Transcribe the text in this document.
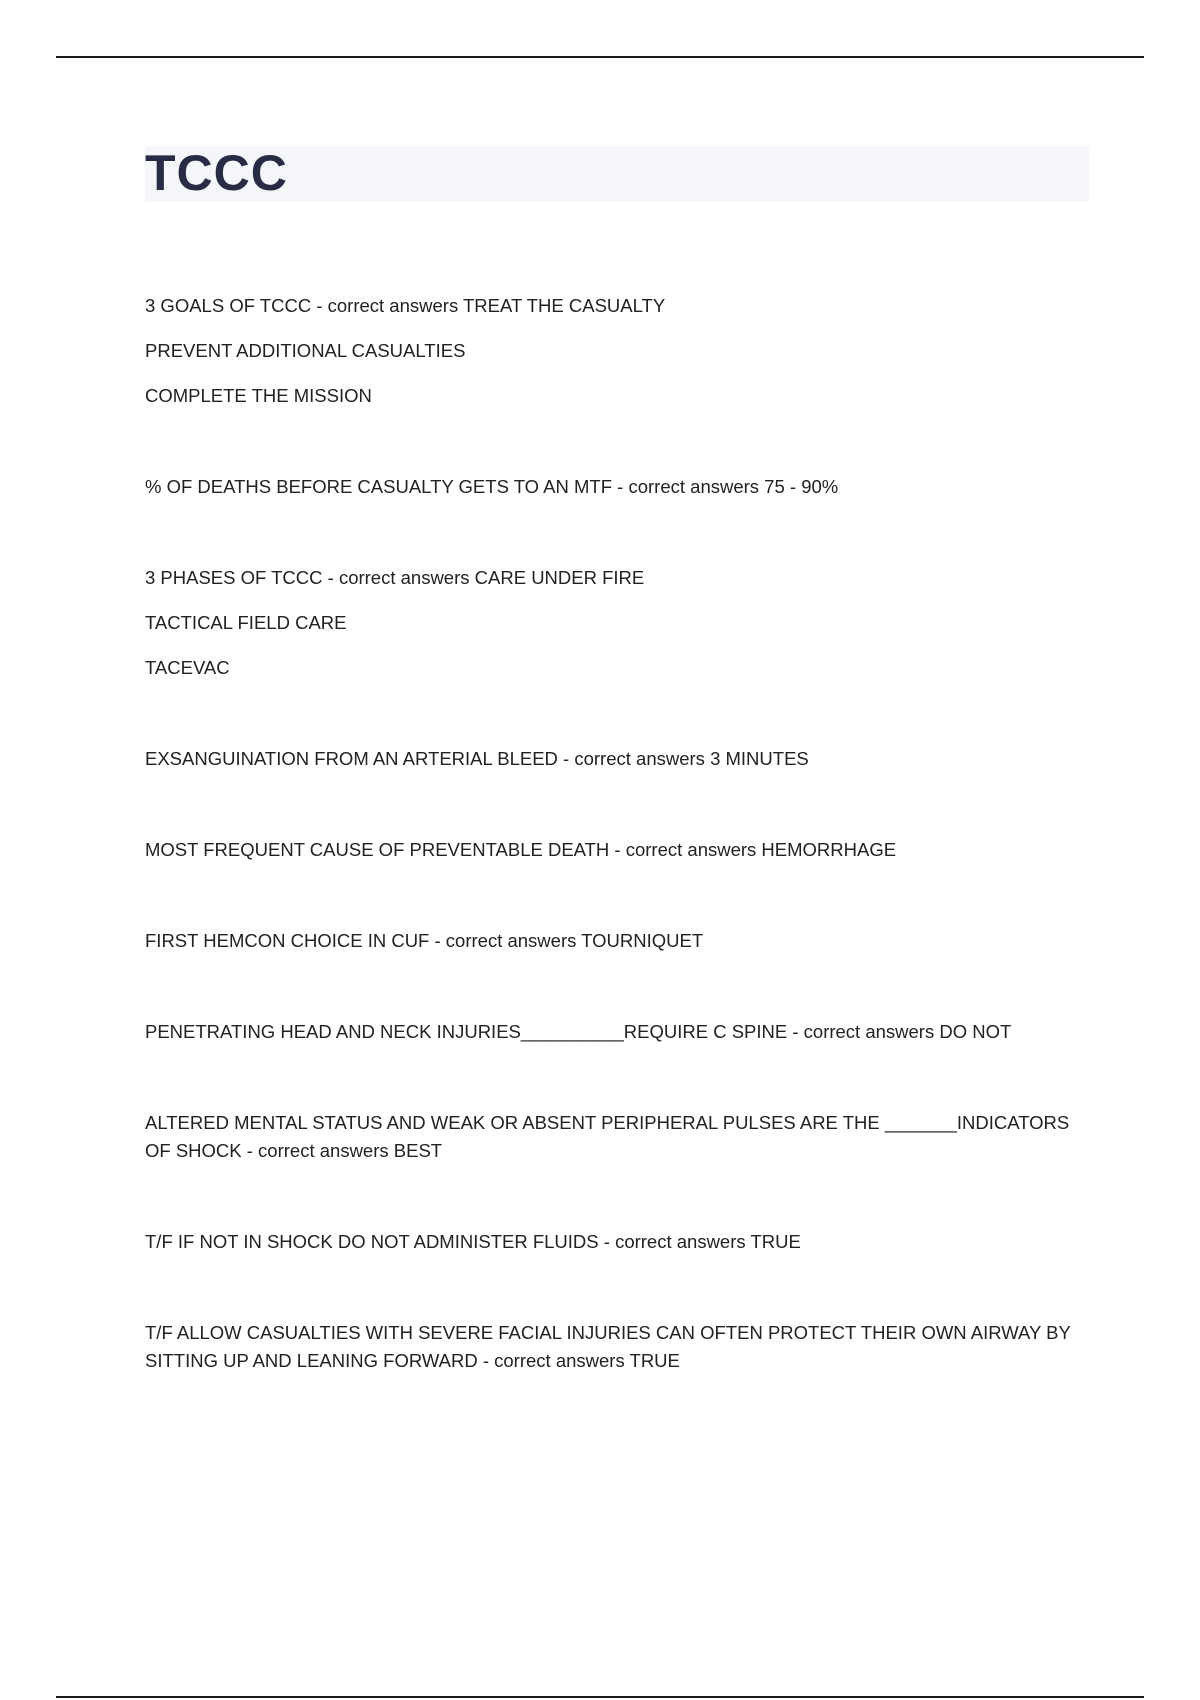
TCCC

3 GOALS OF TCCC - correct answers TREAT THE CASUALTY

PREVENT ADDITIONAL CASUALTIES

COMPLETE THE MISSION

% OF DEATHS BEFORE CASUALTY GETS TO AN MTF - correct answers 75 - 90%

3 PHASES OF TCCC - correct answers CARE UNDER FIRE

TACTICAL FIELD CARE

TACEVAC

EXSANGUINATION FROM AN ARTERIAL BLEED - correct answers 3 MINUTES

MOST FREQUENT CAUSE OF PREVENTABLE DEATH - correct answers HEMORRHAGE

FIRST HEMCON CHOICE IN CUF - correct answers TOURNIQUET

PENETRATING HEAD AND NECK INJURIES__________REQUIRE C SPINE - correct answers DO NOT

ALTERED MENTAL STATUS AND WEAK OR ABSENT PERIPHERAL PULSES ARE THE _______INDICATORS OF SHOCK - correct answers BEST

T/F IF NOT IN SHOCK DO NOT ADMINISTER FLUIDS - correct answers TRUE

T/F ALLOW CASUALTIES WITH SEVERE FACIAL INJURIES CAN OFTEN PROTECT THEIR OWN AIRWAY BY SITTING UP AND LEANING FORWARD - correct answers TRUE
